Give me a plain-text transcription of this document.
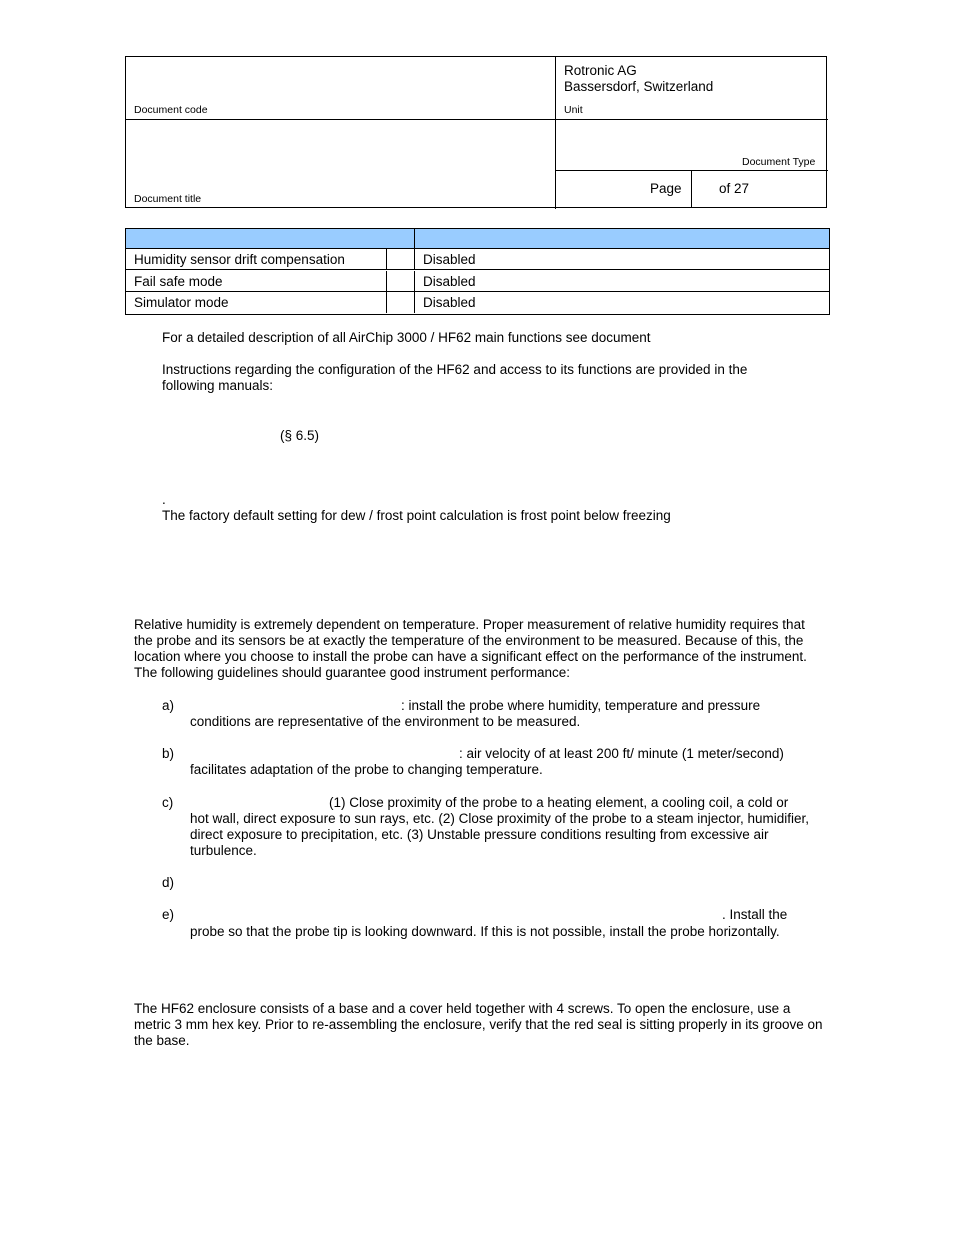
Document code
Rotronic AG
Bassersdorf, Switzerland
Unit
Document title
Document Type
Page	of 27
Humidity sensor drift compensation	Disabled
Fail safe mode	Disabled
Simulator mode	Disabled
For a detailed description of all AirChip 3000 / HF62 main functions see document
Instructions regarding the configuration of the HF62 and access to its functions are provided in the following manuals:
(§ 6.5)
.
The factory default setting for dew / frost point calculation is frost point below freezing
Relative humidity is extremely dependent on temperature. Proper measurement of relative humidity requires that the probe and its sensors be at exactly the temperature of the environment to be measured. Because of this, the location where you choose to install the probe can have a significant effect on the performance of the instrument. The following guidelines should guarantee good instrument performance:
a)	: install the probe where humidity, temperature and pressure
conditions are representative of the environment to be measured.
b)	: air velocity of at least 200 ft/ minute (1 meter/second)
facilitates adaptation of the probe to changing temperature.
c)	(1) Close proximity of the probe to a heating element, a cooling coil, a cold or
hot wall, direct exposure to sun rays, etc. (2) Close proximity of the probe to a steam injector, humidifier, direct exposure to precipitation, etc. (3) Unstable pressure conditions resulting from excessive air turbulence.
d)
e)	. Install the
probe so that the probe tip is looking downward. If this is not possible, install the probe horizontally.
The HF62 enclosure consists of a base and a cover held together with 4 screws. To open the enclosure, use a metric 3 mm hex key. Prior to re-assembling the enclosure, verify that the red seal is sitting properly in its groove on the base.
